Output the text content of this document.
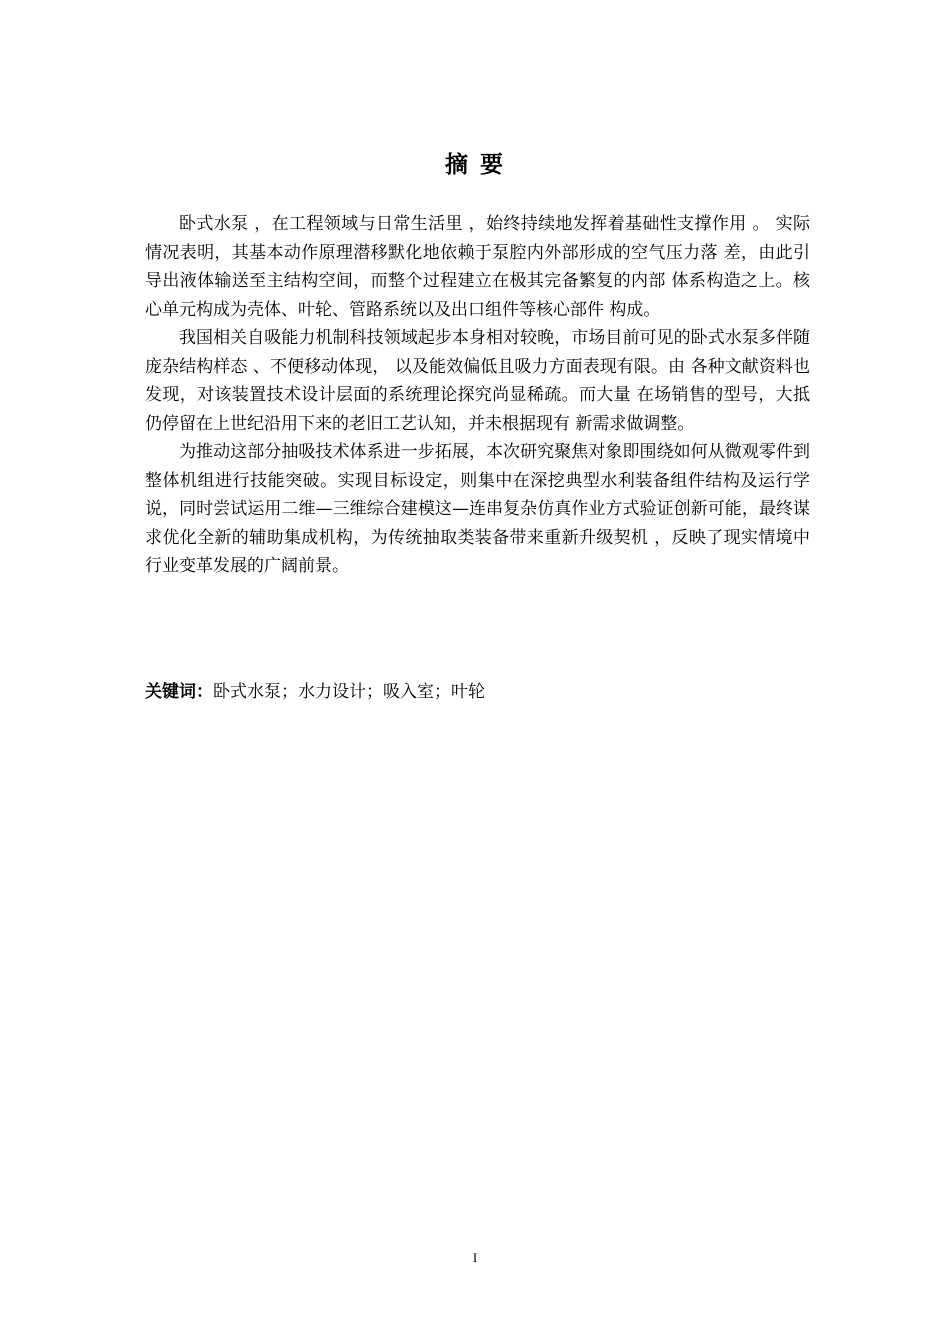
摘 要

卧式水泵 ，在工程领域与日常生活里 ，始终持续地发挥着基础性支撑作用 。 实际情况表明，其基本动作原理潜移默化地依赖于泵腔内外部形成的空气压力落 差，由此引导出液体输送至主结构空间，而整个过程建立在极其完备繁复的内部 体系构造之上。核心单元构成为壳体、叶轮、管路系统以及出口组件等核心部件 构成。

我国相关自吸能力机制科技领域起步本身相对较晚，市场目前可见的卧式水泵多伴随庞杂结构样态 、不便移动体现， 以及能效偏低且吸力方面表现有限。由 各种文献资料也发现，对该装置技术设计层面的系统理论探究尚显稀疏。而大量 在场销售的型号，大抵仍停留在上世纪沿用下来的老旧工艺认知，并未根据现有 新需求做调整。

为推动这部分抽吸技术体系进一步拓展，本次研究聚焦对象即围绕如何从微观零件到整体机组进行技能突破。实现目标设定，则集中在深挖典型水利装备组件结构及运行学说，同时尝试运用二维—三维综合建模这—连串复杂仿真作业方式验证创新可能，最终谋求优化全新的辅助集成机构，为传统抽取类装备带来重新升级契机 ，反映了现实情境中行业变革发展的广阔前景。

关键词：卧式水泵；水力设计；吸入室；叶轮
I
